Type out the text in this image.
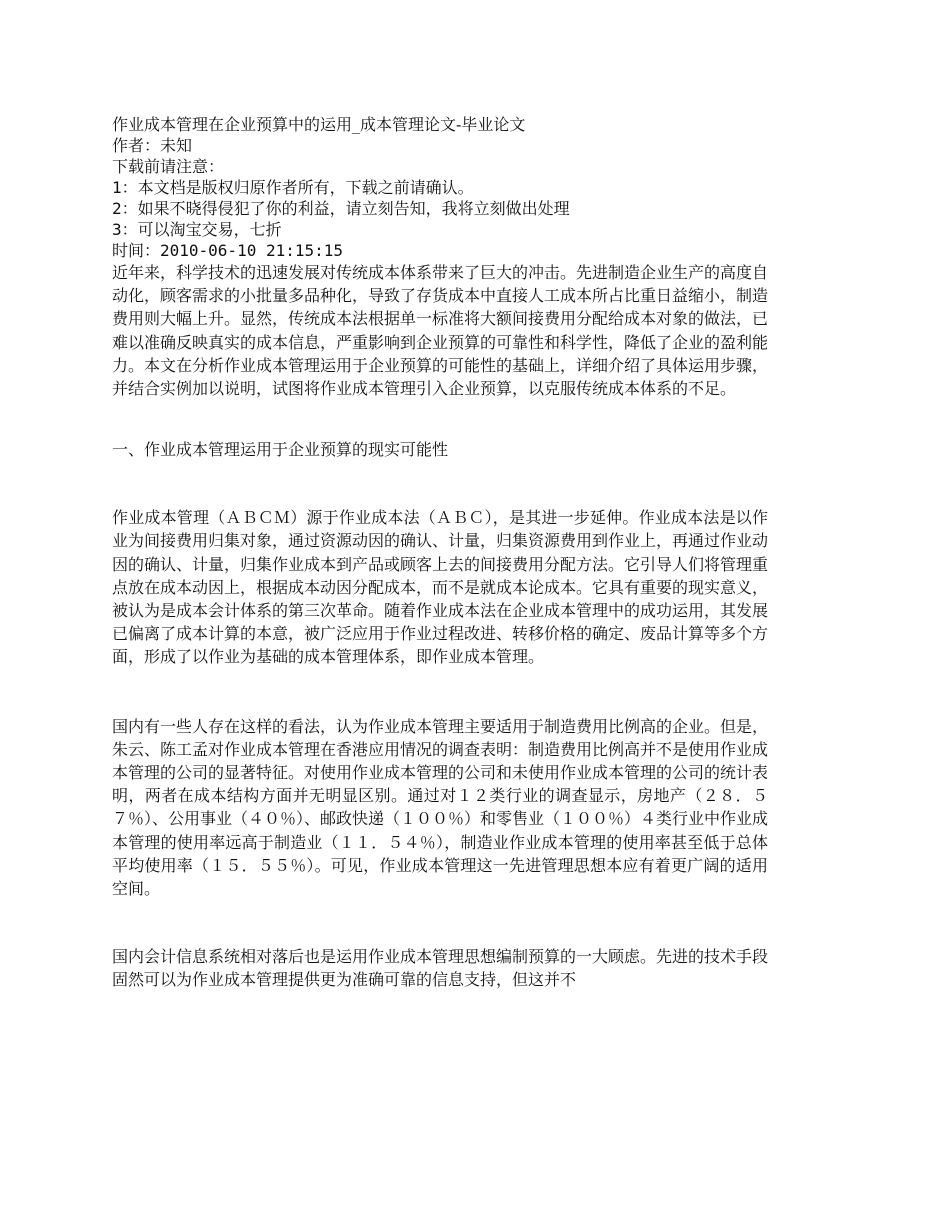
作业成本管理在企业预算中的运用_成本管理论文-毕业论文
作者：未知
下载前请注意：
1：本文档是版权归原作者所有，下载之前请确认。
2：如果不晓得侵犯了你的利益，请立刻告知，我将立刻做出处理
3：可以淘宝交易，七折
时间：2010-06-10 21:15:15
近年来，科学技术的迅速发展对传统成本体系带来了巨大的冲击。先进制造企业生产的高度自动化，顾客需求的小批量多品种化，导致了存货成本中直接人工成本所占比重日益缩小，制造费用则大幅上升。显然，传统成本法根据单一标准将大额间接费用分配给成本对象的做法，已难以准确反映真实的成本信息，严重影响到企业预算的可靠性和科学性，降低了企业的盈利能力。本文在分析作业成本管理运用于企业预算的可能性的基础上，详细介绍了具体运用步骤，并结合实例加以说明，试图将作业成本管理引入企业预算，以克服传统成本体系的不足。
一、作业成本管理运用于企业预算的现实可能性
作业成本管理（ＡＢＣＭ）源于作业成本法（ＡＢＣ），是其进一步延伸。作业成本法是以作业为间接费用归集对象，通过资源动因的确认、计量，归集资源费用到作业上，再通过作业动因的确认、计量，归集作业成本到产品或顾客上去的间接费用分配方法。它引导人们将管理重点放在成本动因上，根据成本动因分配成本，而不是就成本论成本。它具有重要的现实意义，被认为是成本会计体系的第三次革命。随着作业成本法在企业成本管理中的成功运用，其发展已偏离了成本计算的本意，被广泛应用于作业过程改进、转移价格的确定、废品计算等多个方面，形成了以作业为基础的成本管理体系，即作业成本管理。
国内有一些人存在这样的看法，认为作业成本管理主要适用于制造费用比例高的企业。但是，朱云、陈工孟对作业成本管理在香港应用情况的调查表明：制造费用比例高并不是使用作业成本管理的公司的显著特征。对使用作业成本管理的公司和未使用作业成本管理的公司的统计表明，两者在成本结构方面并无明显区别。通过对１２类行业的调查显示，房地产（２８．５７％）、公用事业（４０％）、邮政快递（１００％）和零售业（１００％）４类行业中作业成本管理的使用率远高于制造业（１１．５４％），制造业作业成本管理的使用率甚至低于总体平均使用率（１５．５５％）。可见，作业成本管理这一先进管理思想本应有着更广阔的适用空间。
国内会计信息系统相对落后也是运用作业成本管理思想编制预算的一大顾虑。先进的技术手段固然可以为作业成本管理提供更为准确可靠的信息支持，但这并不
